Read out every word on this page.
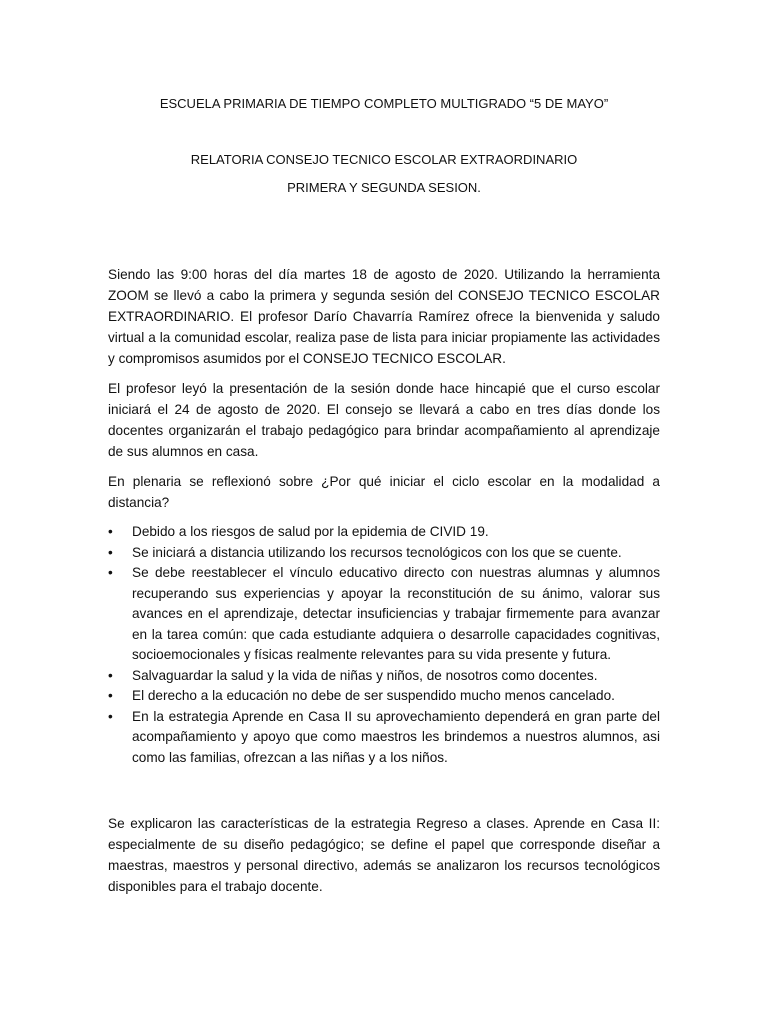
ESCUELA PRIMARIA DE TIEMPO COMPLETO MULTIGRADO “5 DE MAYO”

RELATORIA CONSEJO TECNICO ESCOLAR EXTRAORDINARIO

PRIMERA Y SEGUNDA SESION.

Siendo las 9:00 horas del día martes 18 de agosto de 2020. Utilizando la herramienta ZOOM se llevó a cabo la primera y segunda sesión del CONSEJO TECNICO ESCOLAR EXTRAORDINARIO. El profesor Darío Chavarría Ramírez ofrece la bienvenida y saludo virtual a la comunidad escolar, realiza pase de lista para iniciar propiamente las actividades y compromisos asumidos por el CONSEJO TECNICO ESCOLAR.

El profesor leyó la presentación de la sesión donde hace hincapié que el curso escolar iniciará el 24 de agosto de 2020. El consejo se llevará a cabo en tres días donde los docentes organizarán el trabajo pedagógico para brindar acompañamiento al aprendizaje de sus alumnos en casa.

En plenaria se reflexionó sobre ¿Por qué iniciar el ciclo escolar en la modalidad a distancia?

• Debido a los riesgos de salud por la epidemia de CIVID 19.
• Se iniciará a distancia utilizando los recursos tecnológicos con los que se cuente.
• Se debe reestablecer el vínculo educativo directo con nuestras alumnas y alumnos recuperando sus experiencias y apoyar la reconstitución de su ánimo, valorar sus avances en el aprendizaje, detectar insuficiencias y trabajar firmemente para avanzar en la tarea común: que cada estudiante adquiera o desarrolle capacidades cognitivas, socioemocionales y físicas realmente relevantes para su vida presente y futura.
• Salvaguardar la salud y la vida de niñas y niños, de nosotros como docentes.
• El derecho a la educación no debe de ser suspendido mucho menos cancelado.
• En la estrategia Aprende en Casa II su aprovechamiento dependerá en gran parte del acompañamiento y apoyo que como maestros les brindemos a nuestros alumnos, asi como las familias, ofrezcan a las niñas y a los niños.

Se explicaron las características de la estrategia Regreso a clases. Aprende en Casa II: especialmente de su diseño pedagógico; se define el papel que corresponde diseñar a maestras, maestros y personal directivo, además se analizaron los recursos tecnológicos disponibles para el trabajo docente.
